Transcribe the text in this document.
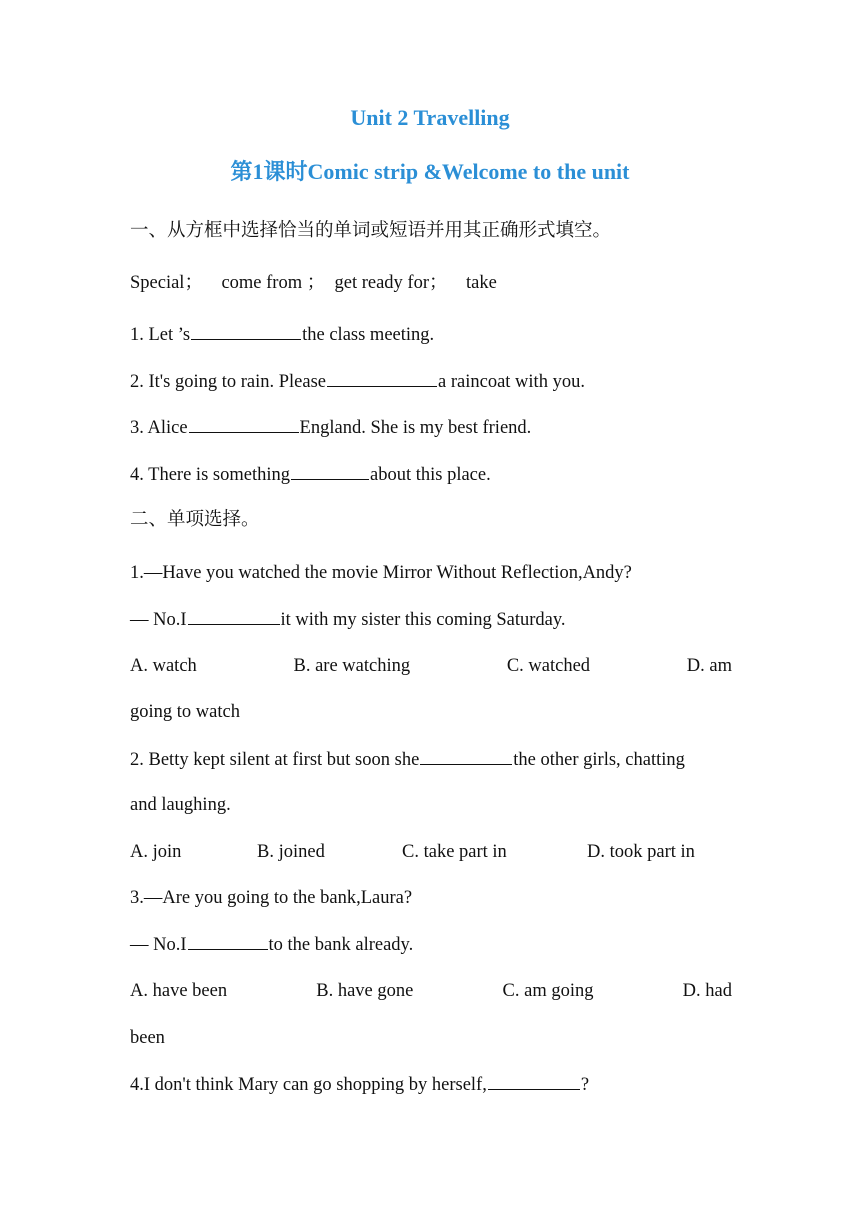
Unit 2 Travelling
第1课时Comic strip &Welcome to the unit

一、从方框中选择恰当的单词或短语并用其正确形式填空。

Special； come from ； get ready for； take

1. Let ’s	the class meeting.

2. It's going to rain. Please	a raincoat with you.

3. Alice	England. She is my best friend.

4. There is something	about this place.

二、单项选择。

1.—Have you watched the movie Mirror Without Reflection,Andy?

— No.I	it with my sister this coming Saturday.

A. watch	B. are watching	C. watched	D. am

going to watch

2. Betty kept silent at first but soon she	the other girls, chatting

and laughing.

A. join	B. joined	C. take part in	D. took part in

3.—Are you going to the bank,Laura?

— No.I	to the bank already.

A. have been	B. have gone	C. am going	D. had

been

4.I don't think Mary can go shopping by herself,	?
